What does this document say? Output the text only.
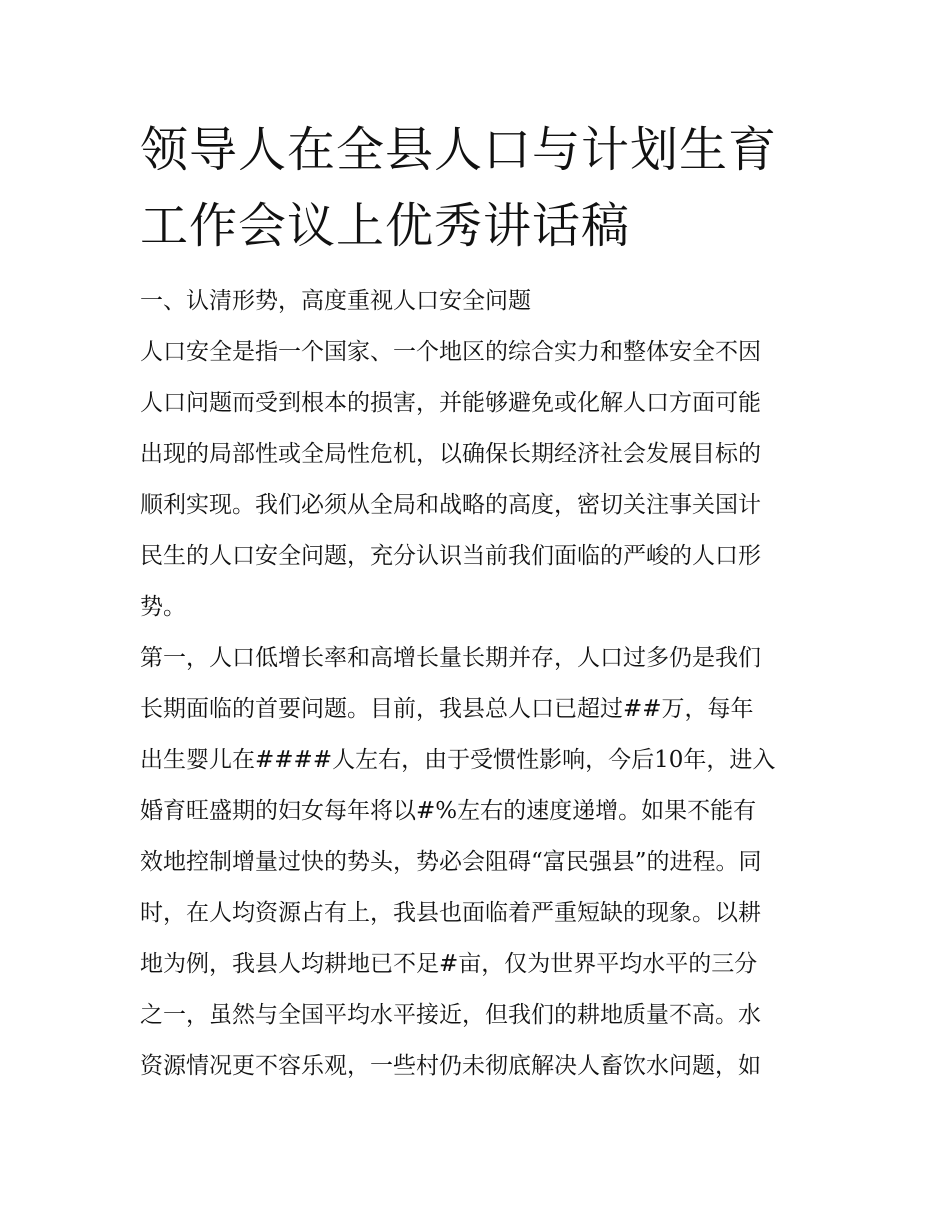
领导人在全县人口与计划生育
工作会议上优秀讲话稿
一、认清形势，高度重视人口安全问题
人口安全是指一个国家、一个地区的综合实力和整体安全不因
人口问题而受到根本的损害，并能够避免或化解人口方面可能
出现的局部性或全局性危机，以确保长期经济社会发展目标的
顺利实现。我们必须从全局和战略的高度，密切关注事关国计
民生的人口安全问题，充分认识当前我们面临的严峻的人口形
势。
第一，人口低增长率和高增长量长期并存，人口过多仍是我们
长期面临的首要问题。目前，我县总人口已超过##万，每年
出生婴儿在####人左右，由于受惯性影响，今后10年，进入
婚育旺盛期的妇女每年将以#%左右的速度递增。如果不能有
效地控制增量过快的势头，势必会阻碍“富民强县”的进程。同
时，在人均资源占有上，我县也面临着严重短缺的现象。以耕
地为例，我县人均耕地已不足#亩，仅为世界平均水平的三分
之一，虽然与全国平均水平接近，但我们的耕地质量不高。水
资源情况更不容乐观，一些村仍未彻底解决人畜饮水问题，如
